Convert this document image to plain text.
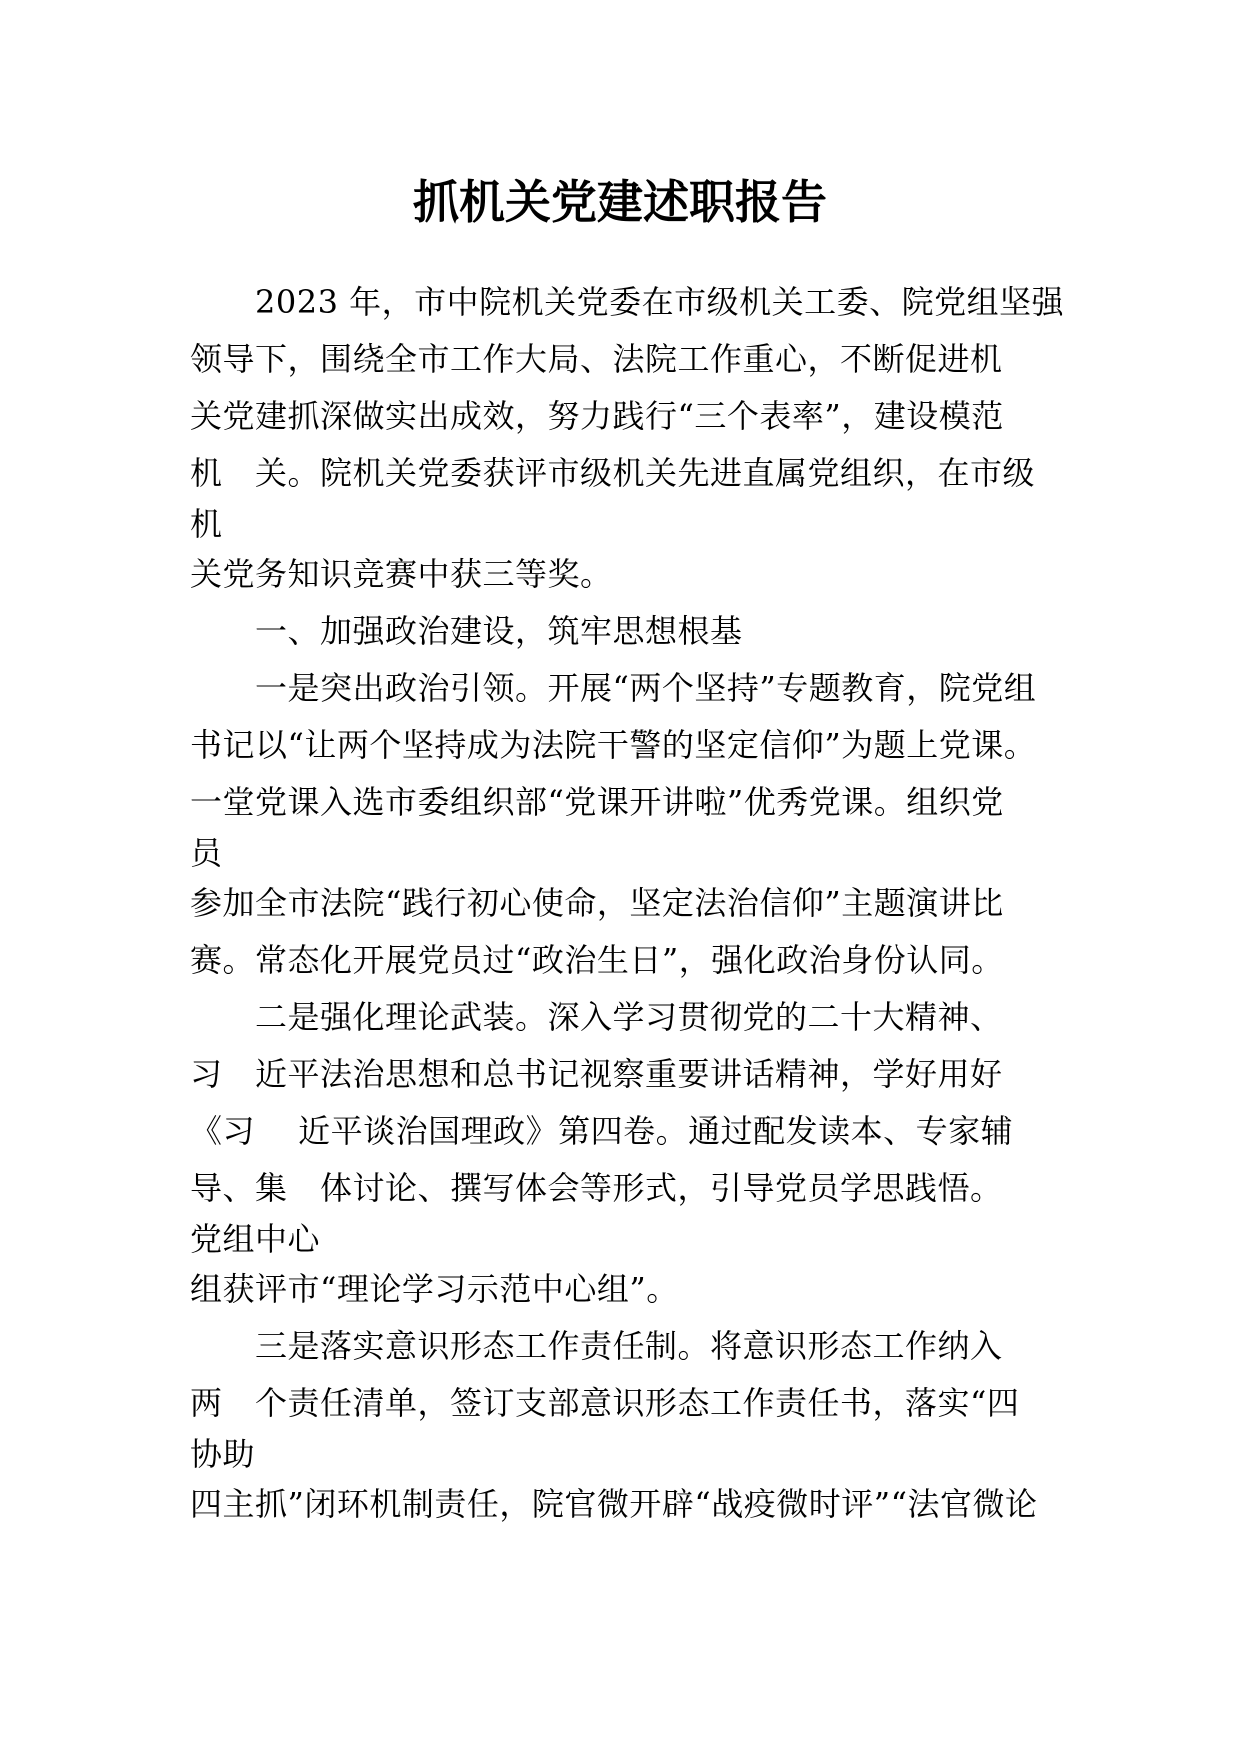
抓机关党建述职报告
　　2023 年，市中院机关党委在市级机关工委、院党组坚强
领导下，围绕全市工作大局、法院工作重心，不断促进机
关党建抓深做实出成效，努力践行“三个表率”，建设模范
机　关。院机关党委获评市级机关先进直属党组织，在市级
机
关党务知识竞赛中获三等奖。
　　一、加强政治建设，筑牢思想根基
　　一是突出政治引领。开展“两个坚持”专题教育，院党组
书记以“让两个坚持成为法院干警的坚定信仰”为题上党课。
一堂党课入选市委组织部“党课开讲啦”优秀党课。组织党
员
参加全市法院“践行初心使命，坚定法治信仰”主题演讲比
赛。常态化开展党员过“政治生日”，强化政治身份认同。
　　二是强化理论武装。深入学习贯彻党的二十大精神、
习　近平法治思想和总书记视察重要讲话精神，学好用好
《习　 近平谈治国理政》第四卷。通过配发读本、专家辅
导、集　体讨论、撰写体会等形式，引导党员学思践悟。
党组中心
组获评市“理论学习示范中心组”。
　　三是落实意识形态工作责任制。将意识形态工作纳入
两　个责任清单，签订支部意识形态工作责任书，落实“四
协助
四主抓”闭环机制责任，院官微开辟“战疫微时评”“法官微论
